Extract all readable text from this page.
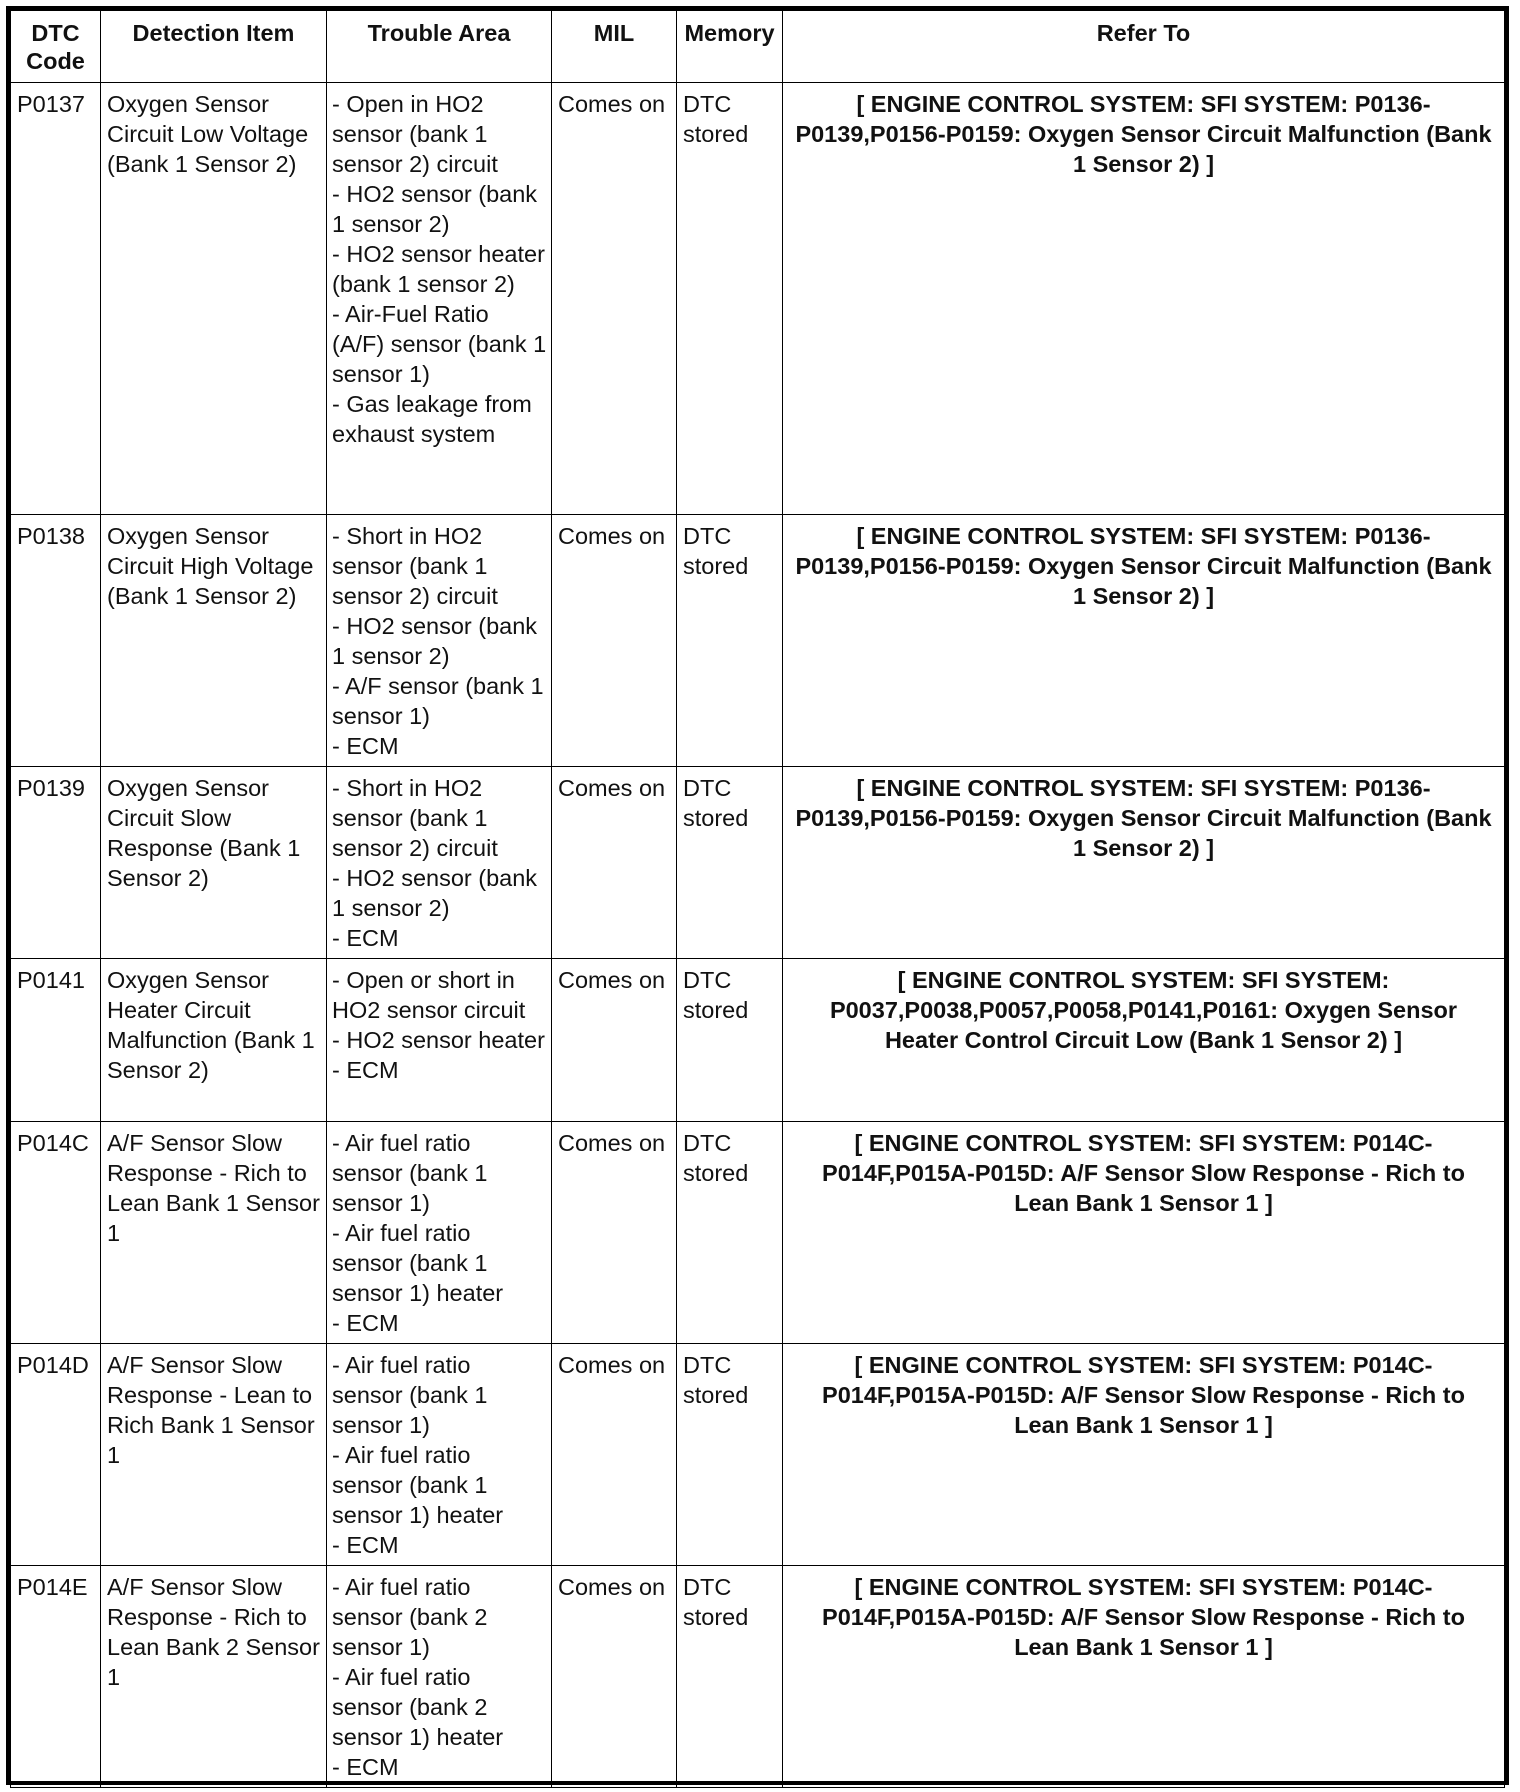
DTC Code	Detection Item	Trouble Area	MIL	Memory	Refer To
P0137	Oxygen Sensor Circuit Low Voltage (Bank 1 Sensor 2)	- Open in HO2 sensor (bank 1 sensor 2) circuit
- HO2 sensor (bank 1 sensor 2)
- HO2 sensor heater (bank 1 sensor 2)
- Air-Fuel Ratio (A/F) sensor (bank 1 sensor 1)
- Gas leakage from exhaust system	Comes on	DTC stored	[ ENGINE CONTROL SYSTEM: SFI SYSTEM: P0136-P0139,P0156-P0159: Oxygen Sensor Circuit Malfunction (Bank 1 Sensor 2) ]
P0138	Oxygen Sensor Circuit High Voltage (Bank 1 Sensor 2)	- Short in HO2 sensor (bank 1 sensor 2) circuit
- HO2 sensor (bank 1 sensor 2)
- A/F sensor (bank 1 sensor 1)
- ECM	Comes on	DTC stored	[ ENGINE CONTROL SYSTEM: SFI SYSTEM: P0136-P0139,P0156-P0159: Oxygen Sensor Circuit Malfunction (Bank 1 Sensor 2) ]
P0139	Oxygen Sensor Circuit Slow Response (Bank 1 Sensor 2)	- Short in HO2 sensor (bank 1 sensor 2) circuit
- HO2 sensor (bank 1 sensor 2)
- ECM	Comes on	DTC stored	[ ENGINE CONTROL SYSTEM: SFI SYSTEM: P0136-P0139,P0156-P0159: Oxygen Sensor Circuit Malfunction (Bank 1 Sensor 2) ]
P0141	Oxygen Sensor Heater Circuit Malfunction (Bank 1 Sensor 2)	- Open or short in HO2 sensor circuit
- HO2 sensor heater
- ECM	Comes on	DTC stored	[ ENGINE CONTROL SYSTEM: SFI SYSTEM: P0037,P0038,P0057,P0058,P0141,P0161: Oxygen Sensor Heater Control Circuit Low (Bank 1 Sensor 2) ]
P014C	A/F Sensor Slow Response - Rich to Lean Bank 1 Sensor 1	- Air fuel ratio sensor (bank 1 sensor 1)
- Air fuel ratio sensor (bank 1 sensor 1) heater
- ECM	Comes on	DTC stored	[ ENGINE CONTROL SYSTEM: SFI SYSTEM: P014C-P014F,P015A-P015D: A/F Sensor Slow Response - Rich to Lean Bank 1 Sensor 1 ]
P014D	A/F Sensor Slow Response - Lean to Rich Bank 1 Sensor 1	- Air fuel ratio sensor (bank 1 sensor 1)
- Air fuel ratio sensor (bank 1 sensor 1) heater
- ECM	Comes on	DTC stored	[ ENGINE CONTROL SYSTEM: SFI SYSTEM: P014C-P014F,P015A-P015D: A/F Sensor Slow Response - Rich to Lean Bank 1 Sensor 1 ]
P014E	A/F Sensor Slow Response - Rich to Lean Bank 2 Sensor 1	- Air fuel ratio sensor (bank 2 sensor 1)
- Air fuel ratio sensor (bank 2 sensor 1) heater
- ECM	Comes on	DTC stored	[ ENGINE CONTROL SYSTEM: SFI SYSTEM: P014C-P014F,P015A-P015D: A/F Sensor Slow Response - Rich to Lean Bank 1 Sensor 1 ]
